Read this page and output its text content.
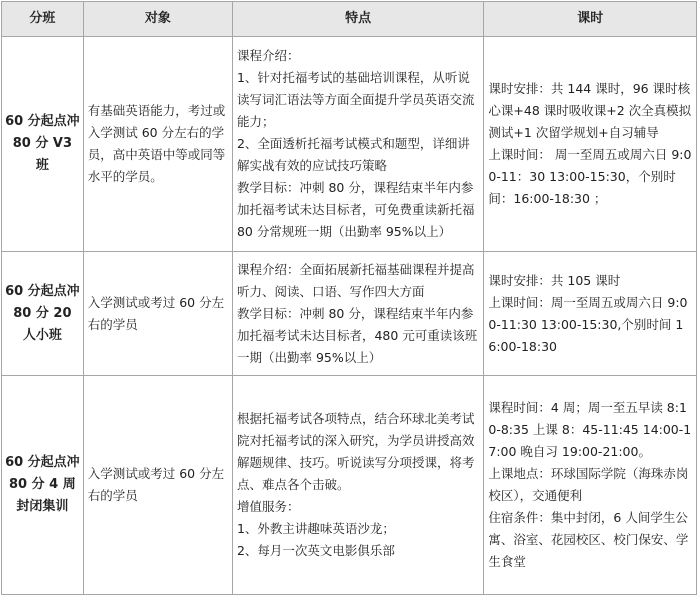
分班	对象	特点	课时
60 分起点冲 80 分 V3 班	有基础英语能力，考过或入学测试 60 分左右的学员，高中英语中等或同等水平的学员。	课程介绍：
1、针对托福考试的基础培训课程，从听说读写词汇语法等方面全面提升学员英语交流能力；
2、全面透析托福考试模式和题型，详细讲解实战有效的应试技巧策略
教学目标：冲刺 80 分，课程结束半年内参加托福考试未达目标者，可免费重读新托福 80 分常规班一期（出勤率 95%以上）	课时安排：共 144 课时，96 课时核心课+48 课时吸收课+2 次全真模拟测试+1 次留学规划+自习辅导
上课时间： 周一至周五或周六日 9:00-11：30 13:00-15:30，个别时间：16:00-18:30 ；

60 分起点冲 80 分 20 人小班	入学测试或考过 60 分左右的学员	课程介绍：全面拓展新托福基础课程并提高听力、阅读、口语、写作四大方面
教学目标：冲刺 80 分，课程结束半年内参加托福考试未达目标者，480 元可重读该班一期（出勤率 95%以上）	课时安排：共 105 课时
上课时间：周一至周五或周六日 9:00-11:30 13:00-15:30,个别时间 16:00-18:30

60 分起点冲 80 分 4 周封闭集训	入学测试或考过 60 分左右的学员	根据托福考试各项特点，结合环球北美考试院对托福考试的深入研究，为学员讲授高效解题规律、技巧。听说读写分项授课，将考点、难点各个击破。
增值服务：
1、外教主讲趣味英语沙龙；
2、每月一次英文电影俱乐部	课程时间：4 周；周一至五早读 8:10-8:35 上课 8：45-11:45 14:00-17:00 晚自习 19:00-21:00。
上课地点：环球国际学院（海珠赤岗校区），交通便利
住宿条件：集中封闭，6 人间学生公寓、浴室、花园校区、校门保安、学生食堂
